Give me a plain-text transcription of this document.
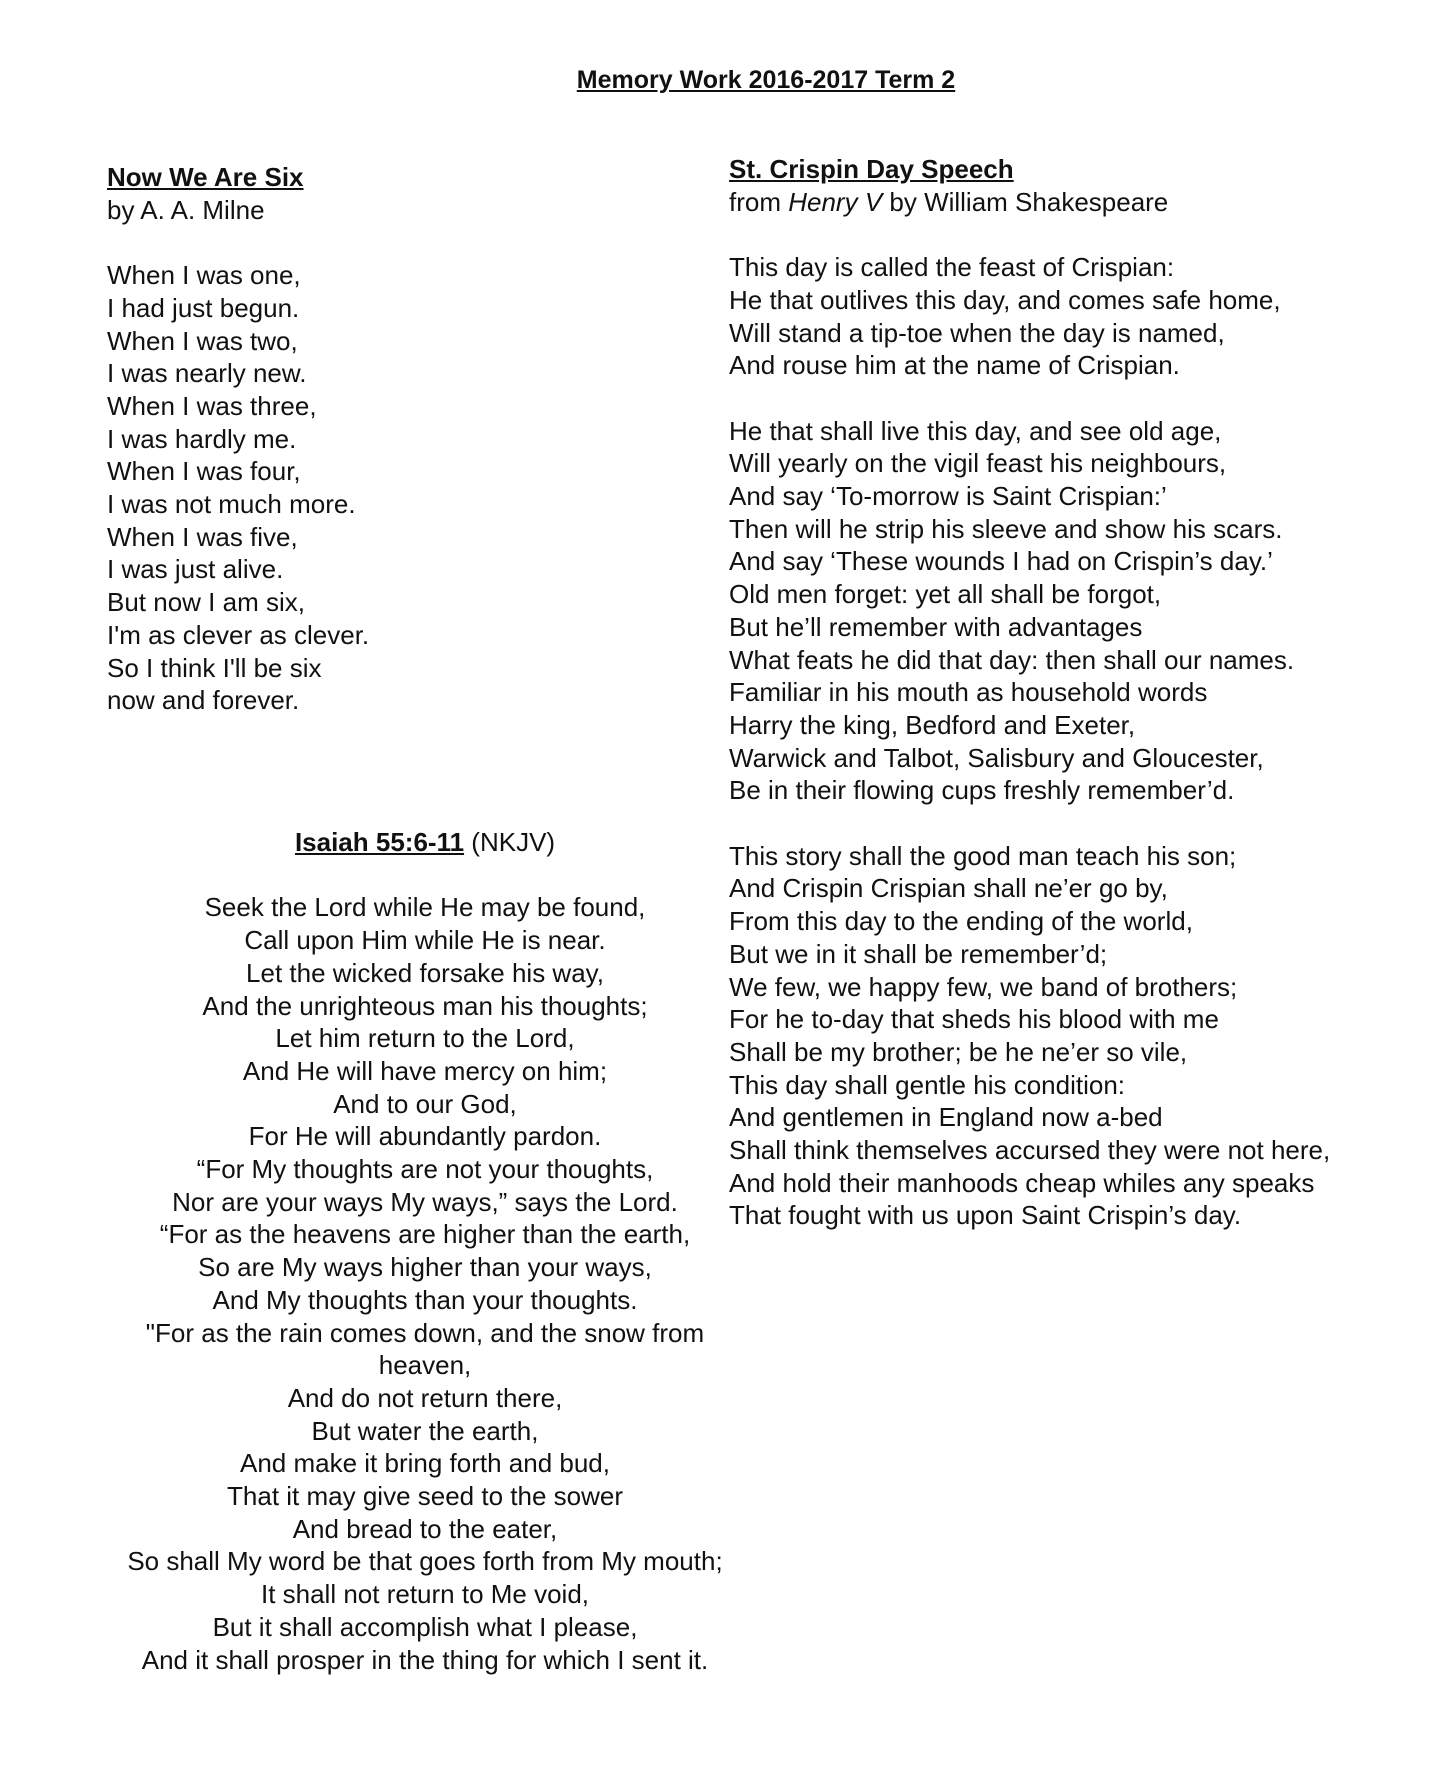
Memory Work 2016-2017 Term 2
Now We Are Six
by A. A. Milne
When I was one,
I had just begun.
When I was two,
I was nearly new.
When I was three,
I was hardly me.
When I was four,
I was not much more.
When I was five,
I was just alive.
But now I am six,
I'm as clever as clever.
So I think I'll be six
now and forever.
Isaiah 55:6-11 (NKJV)
Seek the Lord while He may be found,
Call upon Him while He is near.
Let the wicked forsake his way,
And the unrighteous man his thoughts;
Let him return to the Lord,
And He will have mercy on him;
And to our God,
For He will abundantly pardon.
“For My thoughts are not your thoughts,
Nor are your ways My ways,” says the Lord.
“For as the heavens are higher than the earth,
So are My ways higher than your ways,
And My thoughts than your thoughts.
"For as the rain comes down, and the snow from heaven,
And do not return there,
But water the earth,
And make it bring forth and bud,
That it may give seed to the sower
And bread to the eater,
So shall My word be that goes forth from My mouth;
It shall not return to Me void,
But it shall accomplish what I please,
And it shall prosper in the thing for which I sent it.
St. Crispin Day Speech
from Henry V by William Shakespeare
This day is called the feast of Crispian:
He that outlives this day, and comes safe home,
Will stand a tip-toe when the day is named,
And rouse him at the name of Crispian.
He that shall live this day, and see old age,
Will yearly on the vigil feast his neighbours,
And say ‘To-morrow is Saint Crispian:’
Then will he strip his sleeve and show his scars.
And say ‘These wounds I had on Crispin’s day.’
Old men forget: yet all shall be forgot,
But he’ll remember with advantages
What feats he did that day: then shall our names.
Familiar in his mouth as household words
Harry the king, Bedford and Exeter,
Warwick and Talbot, Salisbury and Gloucester,
Be in their flowing cups freshly remember’d.
This story shall the good man teach his son;
And Crispin Crispian shall ne’er go by,
From this day to the ending of the world,
But we in it shall be remember’d;
We few, we happy few, we band of brothers;
For he to-day that sheds his blood with me
Shall be my brother; be he ne’er so vile,
This day shall gentle his condition:
And gentlemen in England now a-bed
Shall think themselves accursed they were not here,
And hold their manhoods cheap whiles any speaks
That fought with us upon Saint Crispin’s day.
